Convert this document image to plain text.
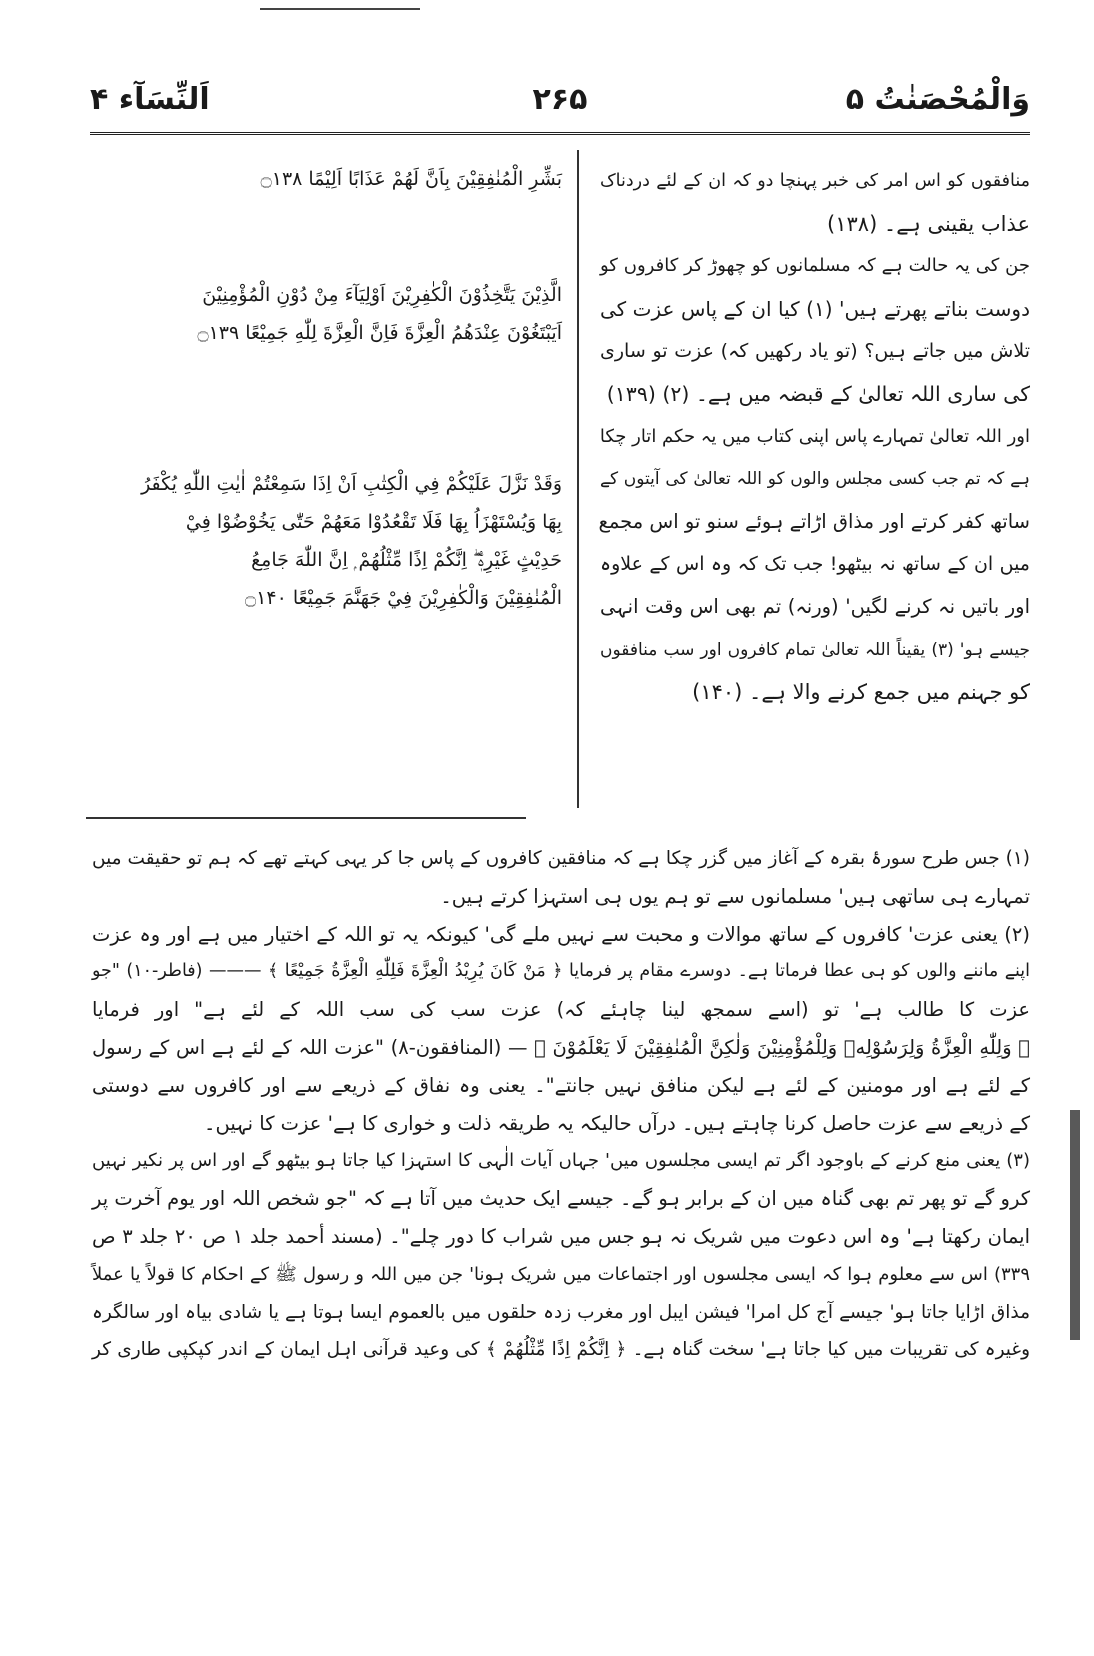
اَلنِّسَآء ۴	۲۶۵	وَالْمُحْصَنٰتُ ۵
بَشِّرِ الْمُنٰفِقِيْنَ بِاَنَّ لَهُمْ عَذَابًا اَلِيْمًا ۝۱۳۸
الَّذِيْنَ يَتَّخِذُوْنَ الْكٰفِرِيْنَ اَوْلِيَآءَ مِنْ دُوْنِ الْمُؤْمِنِيْنَ
اَيَبْتَغُوْنَ عِنْدَهُمُ الْعِزَّةَ فَاِنَّ الْعِزَّةَ لِلّٰهِ جَمِيْعًا ۝۱۳۹
وَقَدْ نَزَّلَ عَلَيْكُمْ فِي الْكِتٰبِ اَنْ اِذَا سَمِعْتُمْ اٰيٰتِ اللّٰهِ يُكْفَرُ
بِهَا وَيُسْتَهْزَاُ بِهَا فَلَا تَقْعُدُوْا مَعَهُمْ حَتّٰى يَخُوْضُوْا فِيْ
حَدِيْثٍ غَيْرِهٖٓ ۖ اِنَّكُمْ اِذًا مِّثْلُهُمْ ۭ اِنَّ اللّٰهَ جَامِعُ
الْمُنٰفِقِيْنَ وَالْكٰفِرِيْنَ فِيْ جَهَنَّمَ جَمِيْعًا ۝۱۴۰
منافقوں کو اس امر کی خبر پہنچا دو کہ ان کے لئے دردناک
عذاب یقینی ہے۔ (۱۳۸)
جن کی یہ حالت ہے کہ مسلمانوں کو چھوڑ کر کافروں کو
دوست بناتے پھرتے ہیں' (۱) کیا ان کے پاس عزت کی
تلاش میں جاتے ہیں؟ (تو یاد رکھیں کہ) عزت تو ساری
کی ساری اللہ تعالیٰ کے قبضہ میں ہے۔ (۲) (۱۳۹)
اور اللہ تعالیٰ تمہارے پاس اپنی کتاب میں یہ حکم اتار چکا
ہے کہ تم جب کسی مجلس والوں کو اللہ تعالیٰ کی آیتوں کے
ساتھ کفر کرتے اور مذاق اڑاتے ہوئے سنو تو اس مجمع
میں ان کے ساتھ نہ بیٹھو! جب تک کہ وہ اس کے علاوہ
اور باتیں نہ کرنے لگیں' (ورنہ) تم بھی اس وقت انہی
جیسے ہو' (۳) یقیناً اللہ تعالیٰ تمام کافروں اور سب منافقوں
کو جہنم میں جمع کرنے والا ہے۔ (۱۴۰)
(۱) جس طرح سورۂ بقرہ کے آغاز میں گزر چکا ہے کہ منافقین کافروں کے پاس جا کر یہی کہتے تھے کہ ہم تو حقیقت میں
تمہارے ہی ساتھی ہیں' مسلمانوں سے تو ہم یوں ہی استہزا کرتے ہیں۔
(۲) یعنی عزت' کافروں کے ساتھ موالات و محبت سے نہیں ملے گی' کیونکہ یہ تو اللہ کے اختیار میں ہے اور وہ عزت
اپنے ماننے والوں کو ہی عطا فرماتا ہے۔ دوسرے مقام پر فرمایا ﴿ مَنْ كَانَ يُرِيْدُ الْعِزَّةَ فَلِلّٰهِ الْعِزَّةُ جَمِيْعًا ﴾ ——— (فاطر-۱۰) "جو
عزت کا طالب ہے' تو (اسے سمجھ لینا چاہئے کہ) عزت سب کی سب اللہ کے لئے ہے" اور فرمایا
﴿ وَلِلّٰهِ الْعِزَّةُ وَلِرَسُوْلِهٖ وَلِلْمُؤْمِنِيْنَ وَلٰكِنَّ الْمُنٰفِقِيْنَ لَا يَعْلَمُوْنَ ﴾ — (المنافقون-۸) "عزت اللہ کے لئے ہے اس کے رسول
کے لئے ہے اور مومنین کے لئے ہے لیکن منافق نہیں جانتے"۔ یعنی وہ نفاق کے ذریعے سے اور کافروں سے دوستی
کے ذریعے سے عزت حاصل کرنا چاہتے ہیں۔ درآں حالیکہ یہ طریقہ ذلت و خواری کا ہے' عزت کا نہیں۔
(۳) یعنی منع کرنے کے باوجود اگر تم ایسی مجلسوں میں' جہاں آیات الٰہی کا استہزا کیا جاتا ہو بیٹھو گے اور اس پر نکیر نہیں
کرو گے تو پھر تم بھی گناہ میں ان کے برابر ہو گے۔ جیسے ایک حدیث میں آتا ہے کہ "جو شخص اللہ اور یوم آخرت پر
ایمان رکھتا ہے' وہ اس دعوت میں شریک نہ ہو جس میں شراب کا دور چلے"۔ (مسند أحمد جلد ۱ ص ۲۰ جلد ۳ ص
۳۳۹) اس سے معلوم ہوا کہ ایسی مجلسوں اور اجتماعات میں شریک ہونا' جن میں اللہ و رسول ﷺ کے احکام کا قولاً یا عملاً
مذاق اڑایا جاتا ہو' جیسے آج کل امرا' فیشن ایبل اور مغرب زدہ حلقوں میں بالعموم ایسا ہوتا ہے یا شادی بیاہ اور سالگرہ
وغیرہ کی تقریبات میں کیا جاتا ہے' سخت گناہ ہے۔ ﴿ اِنَّكُمْ اِذًا مِّثْلُهُمْ ﴾ کی وعید قرآنی اہل ایمان کے اندر کپکپی طاری کر
